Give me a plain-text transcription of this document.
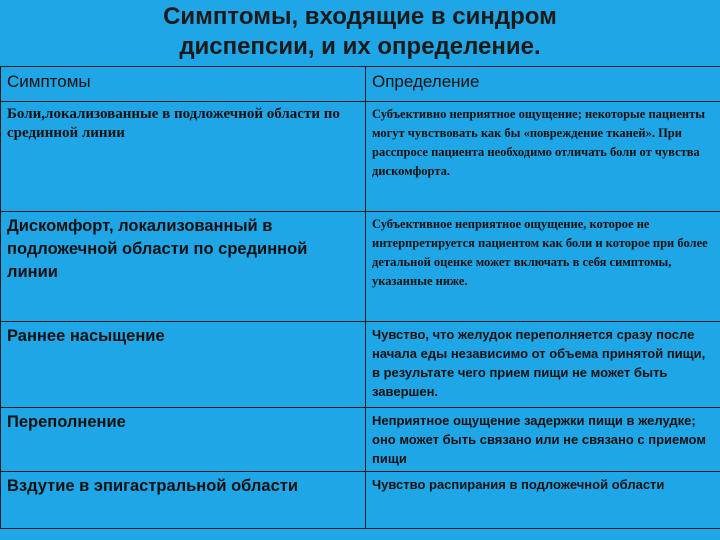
Симптомы, входящие в синдром
диспепсии, и их определение.
Симптомы	Определение
Боли,локализованные в подложечной области по срединной линии	Субъективно неприятное ощущение; некоторые пациенты могут чувствовать как бы «повреждение тканей». При расспросе пациента необходимо отличать боли от чувства дискомфорта.
Дискомфорт, локализованный в подложечной области по срединной линии	Субъективное неприятное ощущение, которое не интерпретируется пациентом как боли и которое при более детальной оценке может включать в себя симптомы, указанные ниже.
Раннее насыщение	Чувство, что желудок переполняется сразу после начала еды независимо от объема принятой пищи, в результате чего прием пищи не может быть завершен.
Переполнение	Неприятное ощущение задержки пищи в желудке; оно может быть связано или не связано с приемом пищи
Вздутие в эпигастральной области	Чувство распирания в подложечной области
